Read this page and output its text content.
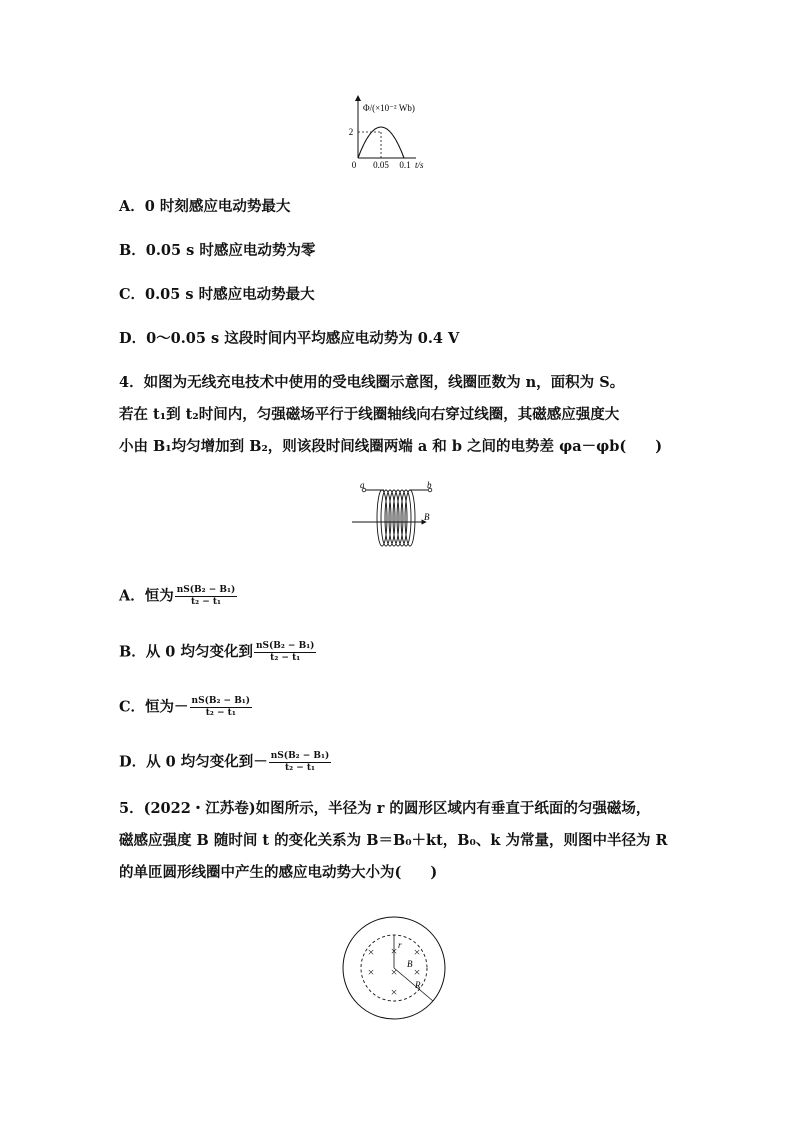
Φ/(×10⁻² Wb)
2
0 0.05 0.1 t/s
A．0 时刻感应电动势最大
B．0.05 s 时感应电动势为零
C．0.05 s 时感应电动势最大
D．0～0.05 s 这段时间内平均感应电动势为 0.4 V
4．如图为无线充电技术中使用的受电线圈示意图，线圈匝数为 n，面积为 S。
若在 t₁到 t₂时间内，匀强磁场平行于线圈轴线向右穿过线圈，其磁感应强度大
小由 B₁均匀增加到 B₂，则该段时间线圈两端 a 和 b 之间的电势差 φa－φb(　　)
a	b
B
A．恒为 $\frac{\text{nS(B₂ − B₁)}}{\text{t₂ − t₁}}$
B．从 0 均匀变化到 $\frac{\text{nS(B₂ − B₁)}}{\text{t₂ − t₁}}$
C．恒为－ $\frac{\text{nS(B₂ − B₁)}}{\text{t₂ − t₁}}$
D．从 0 均匀变化到－ $\frac{\text{nS(B₂ − B₁)}}{\text{t₂ − t₁}}$
5．(2022・江苏卷)如图所示，半径为 r 的圆形区域内有垂直于纸面的匀强磁场，
磁感应强度 B 随时间 t 的变化关系为 B＝B₀＋kt，B₀、k 为常量，则图中半径为 R
的单匝圆形线圈中产生的感应电动势大小为(　　)
×
×	×
× × ×
×
r
B
R
